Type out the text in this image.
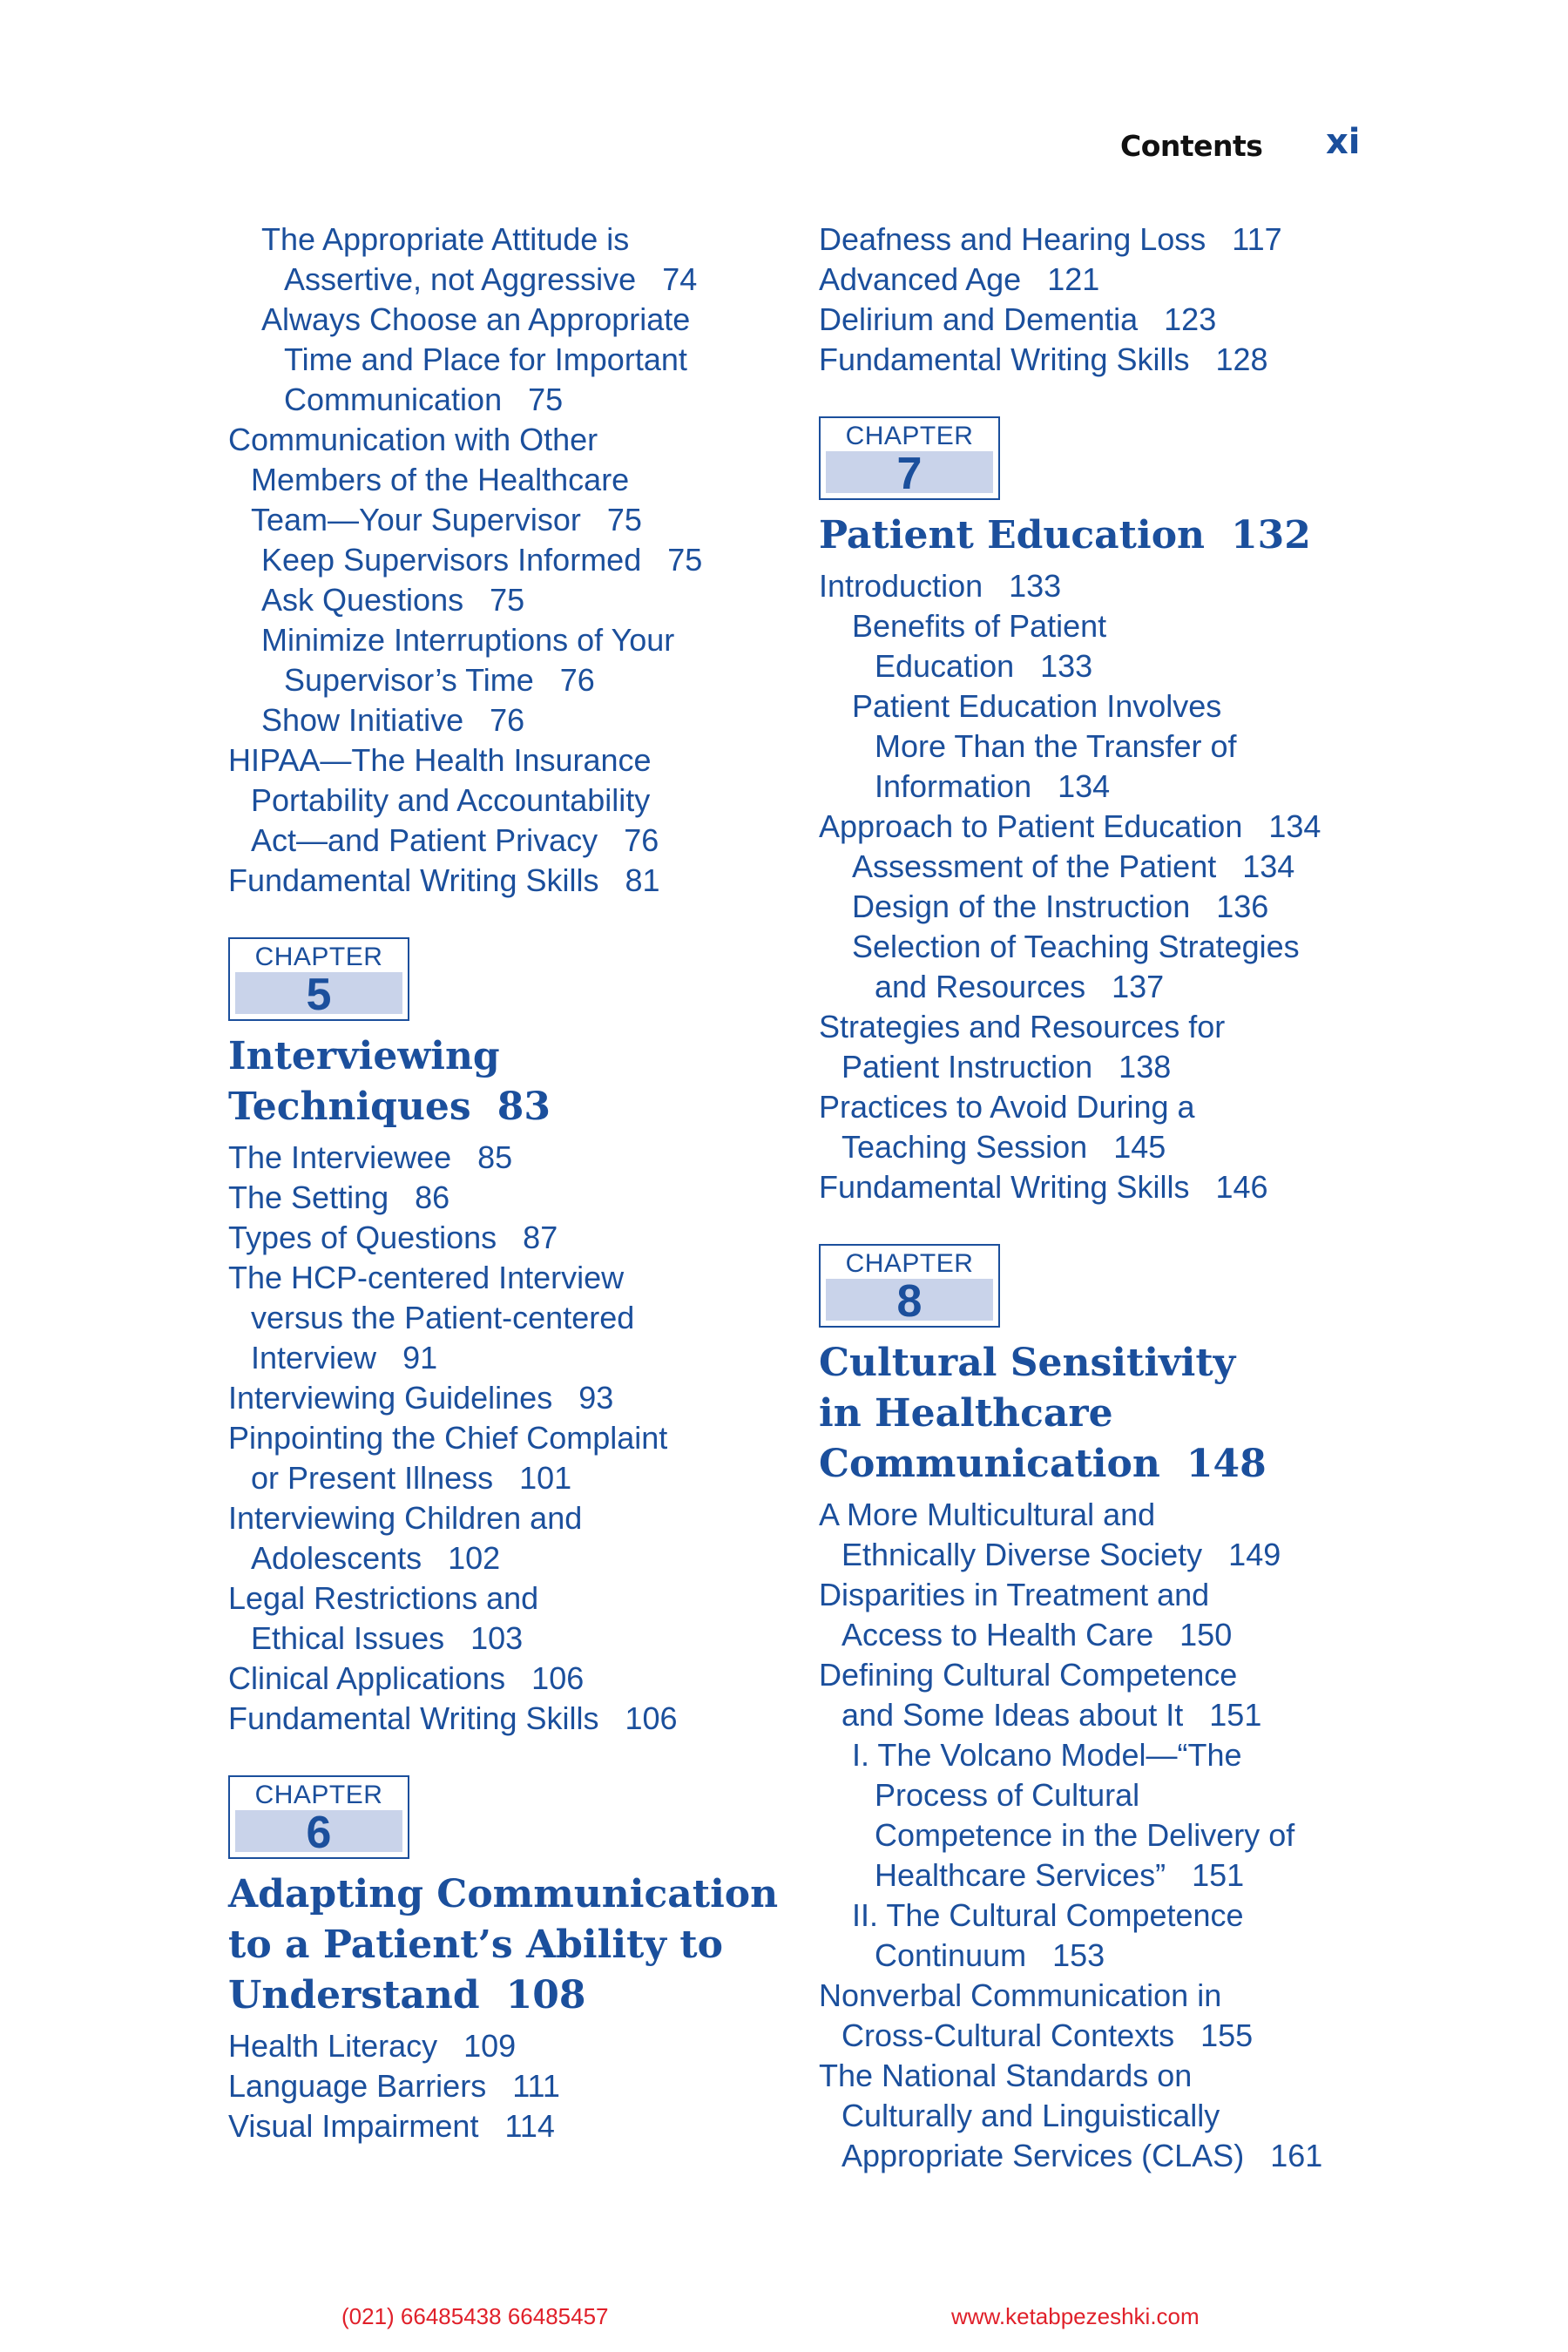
Contents xi
The Appropriate Attitude is
Assertive, not Aggressive 74
Always Choose an Appropriate
Time and Place for Important
Communication 75
Communication with Other
Members of the Healthcare
Team—Your Supervisor 75
Keep Supervisors Informed 75
Ask Questions 75
Minimize Interruptions of Your
Supervisor’s Time 76
Show Initiative 76
HIPAA—The Health Insurance
Portability and Accountability
Act—and Patient Privacy 76
Fundamental Writing Skills 81
CHAPTER
5
Interviewing
Techniques 83
The Interviewee 85
The Setting 86
Types of Questions 87
The HCP-centered Interview
versus the Patient-centered
Interview 91
Interviewing Guidelines 93
Pinpointing the Chief Complaint
or Present Illness 101
Interviewing Children and
Adolescents 102
Legal Restrictions and
Ethical Issues 103
Clinical Applications 106
Fundamental Writing Skills 106
CHAPTER
6
Adapting Communication
to a Patient’s Ability to
Understand 108
Health Literacy 109
Language Barriers 111
Visual Impairment 114
Deafness and Hearing Loss 117
Advanced Age 121
Delirium and Dementia 123
Fundamental Writing Skills 128
CHAPTER
7
Patient Education 132
Introduction 133
Benefits of Patient
Education 133
Patient Education Involves
More Than the Transfer of
Information 134
Approach to Patient Education 134
Assessment of the Patient 134
Design of the Instruction 136
Selection of Teaching Strategies
and Resources 137
Strategies and Resources for
Patient Instruction 138
Practices to Avoid During a
Teaching Session 145
Fundamental Writing Skills 146
CHAPTER
8
Cultural Sensitivity
in Healthcare
Communication 148
A More Multicultural and
Ethnically Diverse Society 149
Disparities in Treatment and
Access to Health Care 150
Defining Cultural Competence
and Some Ideas about It 151
I. The Volcano Model—“The
Process of Cultural
Competence in the Delivery of
Healthcare Services” 151
II. The Cultural Competence
Continuum 153
Nonverbal Communication in
Cross-Cultural Contexts 155
The National Standards on
Culturally and Linguistically
Appropriate Services (CLAS) 161
(021) 66485438 66485457	www.ketabpezeshki.com
